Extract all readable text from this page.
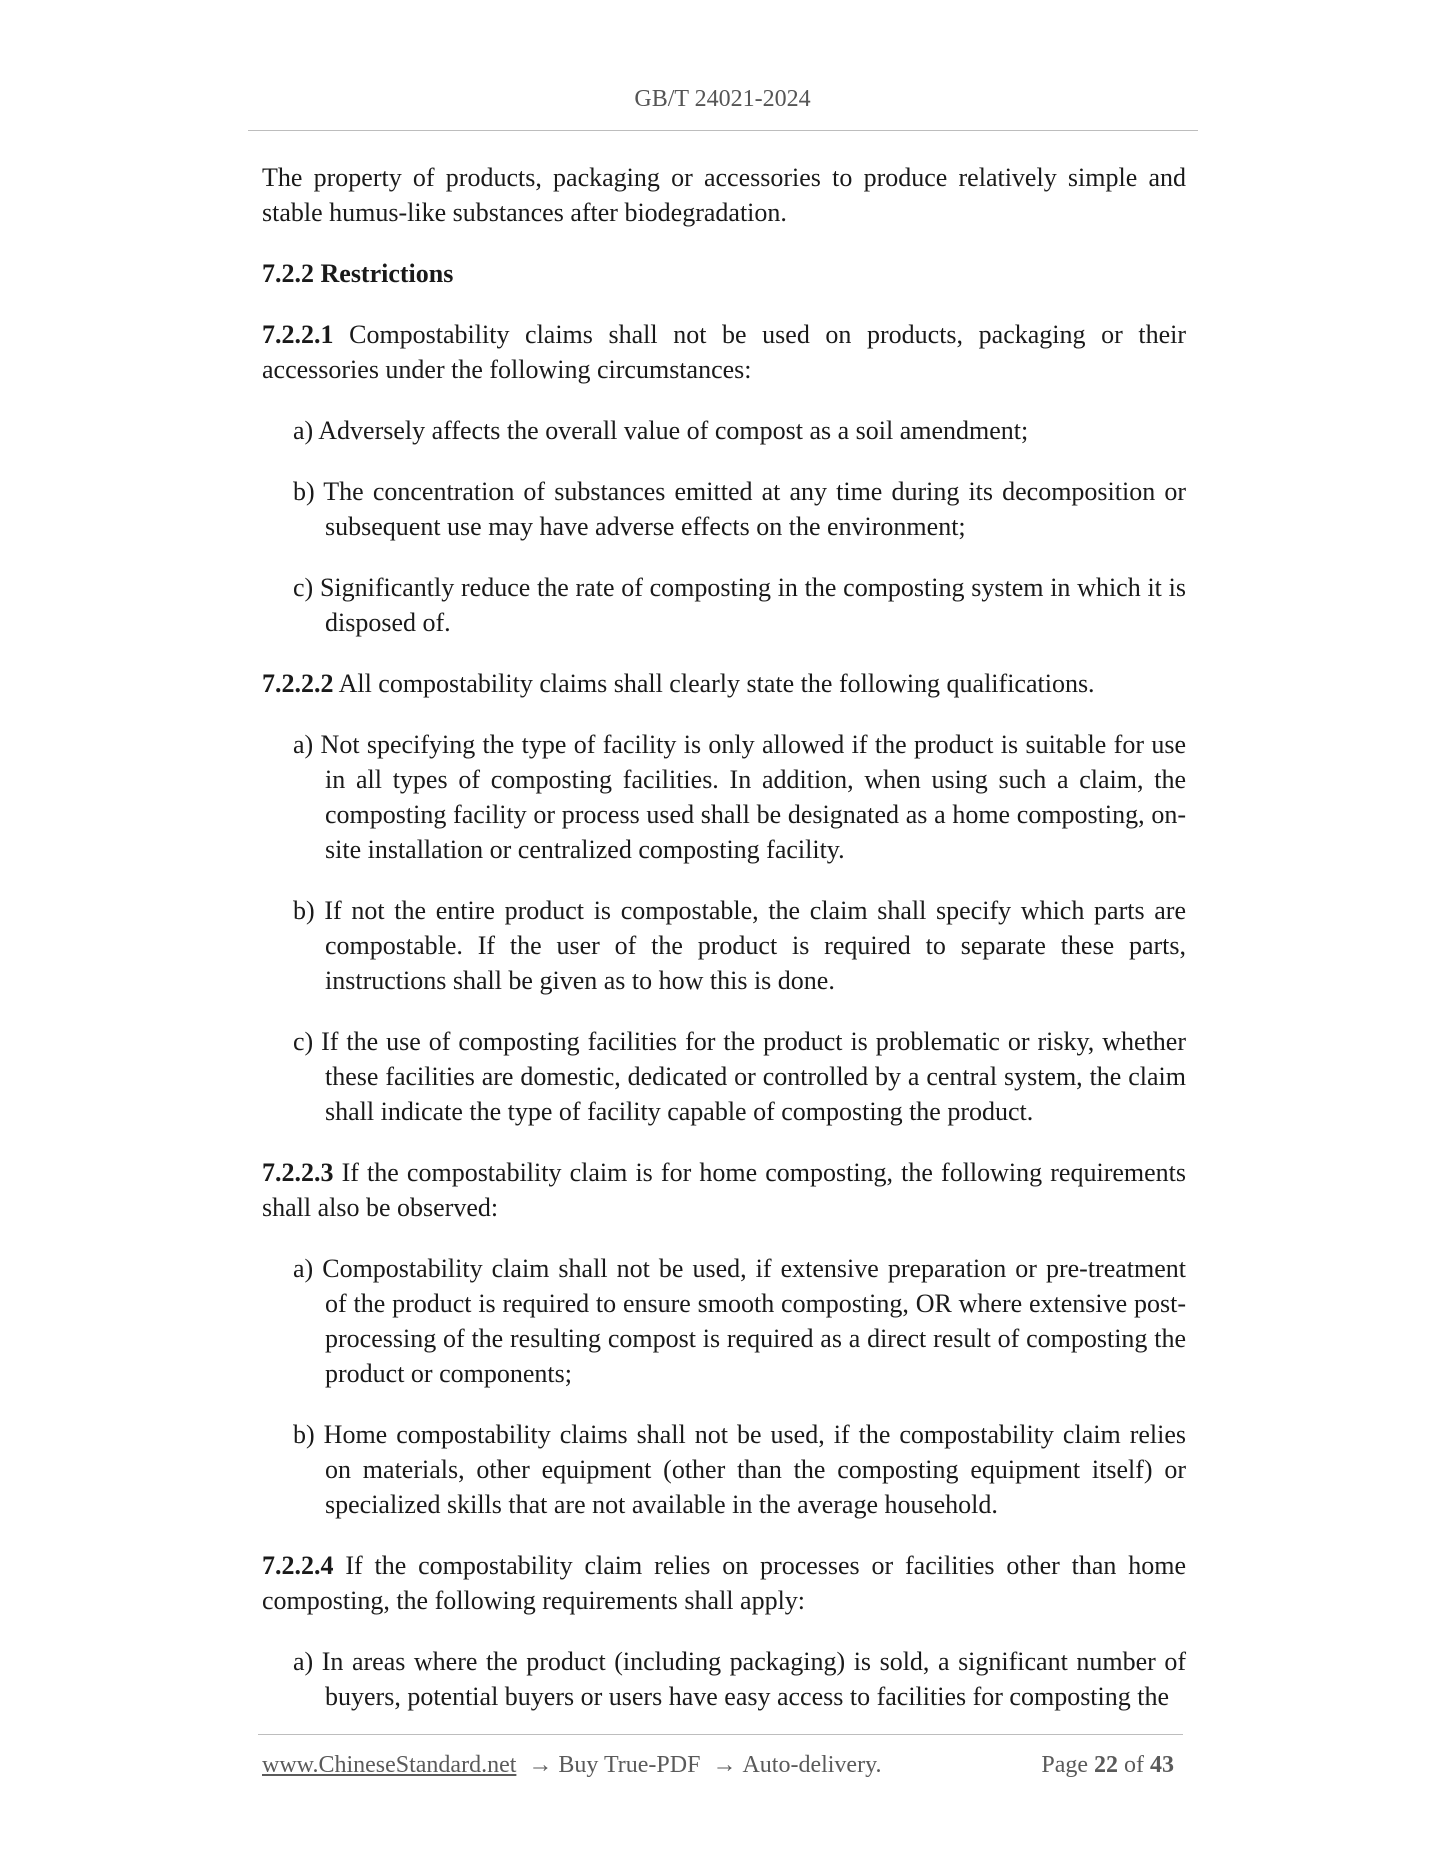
GB/T 24021-2024

The property of products, packaging or accessories to produce relatively simple and stable humus-like substances after biodegradation.

7.2.2 Restrictions

7.2.2.1 Compostability claims shall not be used on products, packaging or their accessories under the following circumstances:

a) Adversely affects the overall value of compost as a soil amendment;

b) The concentration of substances emitted at any time during its decomposition or subsequent use may have adverse effects on the environment;

c) Significantly reduce the rate of composting in the composting system in which it is disposed of.

7.2.2.2 All compostability claims shall clearly state the following qualifications.

a) Not specifying the type of facility is only allowed if the product is suitable for use in all types of composting facilities. In addition, when using such a claim, the composting facility or process used shall be designated as a home composting, on-site installation or centralized composting facility.

b) If not the entire product is compostable, the claim shall specify which parts are compostable. If the user of the product is required to separate these parts, instructions shall be given as to how this is done.

c) If the use of composting facilities for the product is problematic or risky, whether these facilities are domestic, dedicated or controlled by a central system, the claim shall indicate the type of facility capable of composting the product.

7.2.2.3 If the compostability claim is for home composting, the following requirements shall also be observed:

a) Compostability claim shall not be used, if extensive preparation or pre-treatment of the product is required to ensure smooth composting, OR where extensive post-processing of the resulting compost is required as a direct result of composting the product or components;

b) Home compostability claims shall not be used, if the compostability claim relies on materials, other equipment (other than the composting equipment itself) or specialized skills that are not available in the average household.

7.2.2.4 If the compostability claim relies on processes or facilities other than home composting, the following requirements shall apply:

a) In areas where the product (including packaging) is sold, a significant number of buyers, potential buyers or users have easy access to facilities for composting the

www.ChineseStandard.net → Buy True-PDF → Auto-delivery.	Page 22 of 43
